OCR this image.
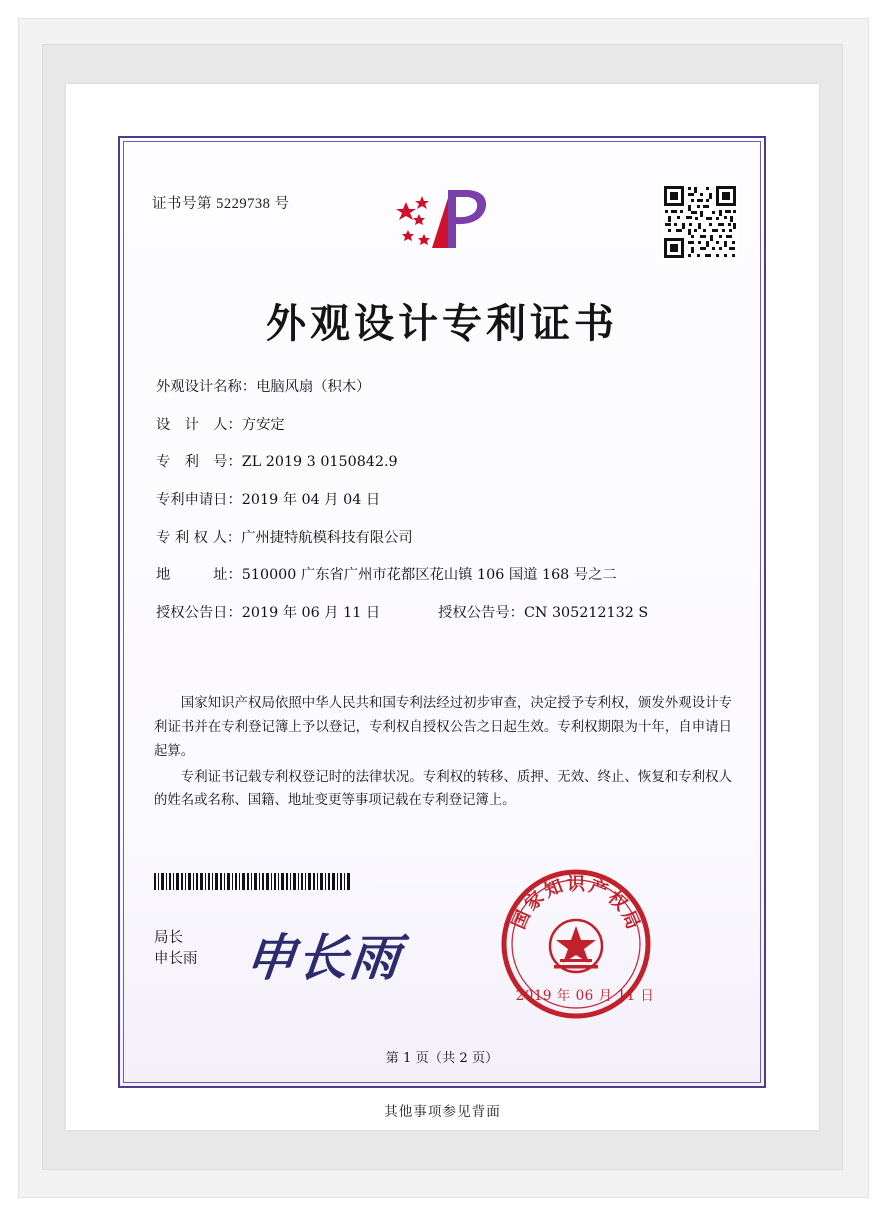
证书号第 5229738 号
外观设计专利证书
外观设计名称： 电脑风扇（积木）
设　计　人： 方安定
专　利　号： ZL 2019 3 0150842.9
专利申请日： 2019 年 04 月 04 日
专 利 权 人： 广州捷特航模科技有限公司
地　　　址： 510000 广东省广州市花都区花山镇 106 国道 168 号之二
授权公告日： 2019 年 06 月 11 日	授权公告号： CN 305212132 S

国家知识产权局依照中华人民共和国专利法经过初步审查，决定授予专利权，颁发外观设计专利证书并在专利登记簿上予以登记，专利权自授权公告之日起生效。专利权期限为十年，自申请日起算。

专利证书记载专利权登记时的法律状况。专利权的转移、质押、无效、终止、恢复和专利权人的姓名或名称、国籍、地址变更等事项记载在专利登记簿上。

局长
申长雨 申长雨
国
家
知 识 产
权
局
2019 年 06 月 11 日
第 1 页（共 2 页）
其他事项参见背面
